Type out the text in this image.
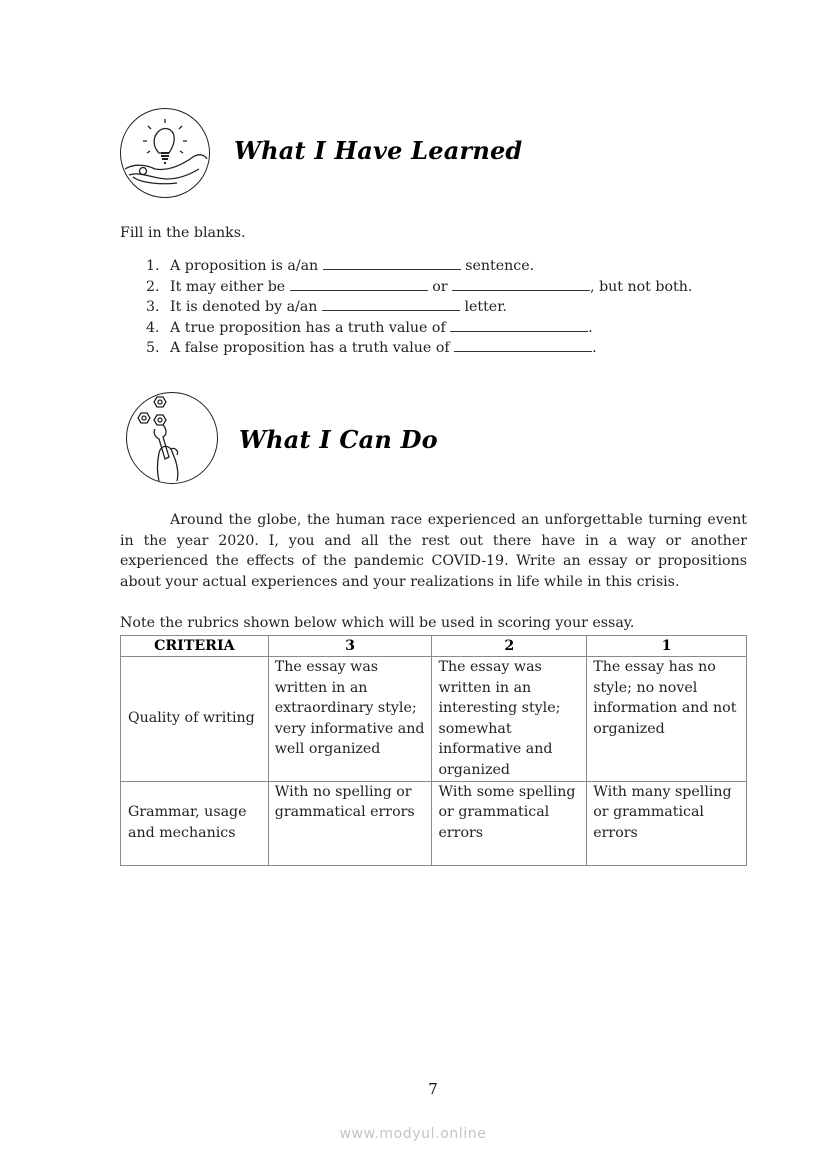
What I Have Learned
Fill in the blanks.
1. A proposition is a/an	sentence.
2. It may either be	or	, but not both.
3. It is denoted by a/an	letter.
4. A true proposition has a truth value of	.
5. A false proposition has a truth value of	.
What I Can Do
Around the globe, the human race experienced an unforgettable turning event in the year 2020. I, you and all the rest out there have in a way or another experienced the effects of the pandemic COVID-19. Write an essay or propositions about your actual experiences and your realizations in life while in this crisis.
Note the rubrics shown below which will be used in scoring your essay.
CRITERIA	3	2	1
Quality of writing	The essay was written in an extraordinary style; very informative and well organized	The essay was written in an interesting style; somewhat informative and organized	The essay has no style; no novel information and not organized
Grammar, usage and mechanics	With no spelling or grammatical errors	With some spelling or grammatical errors	With many spelling or grammatical errors
7
www.modyul.online
